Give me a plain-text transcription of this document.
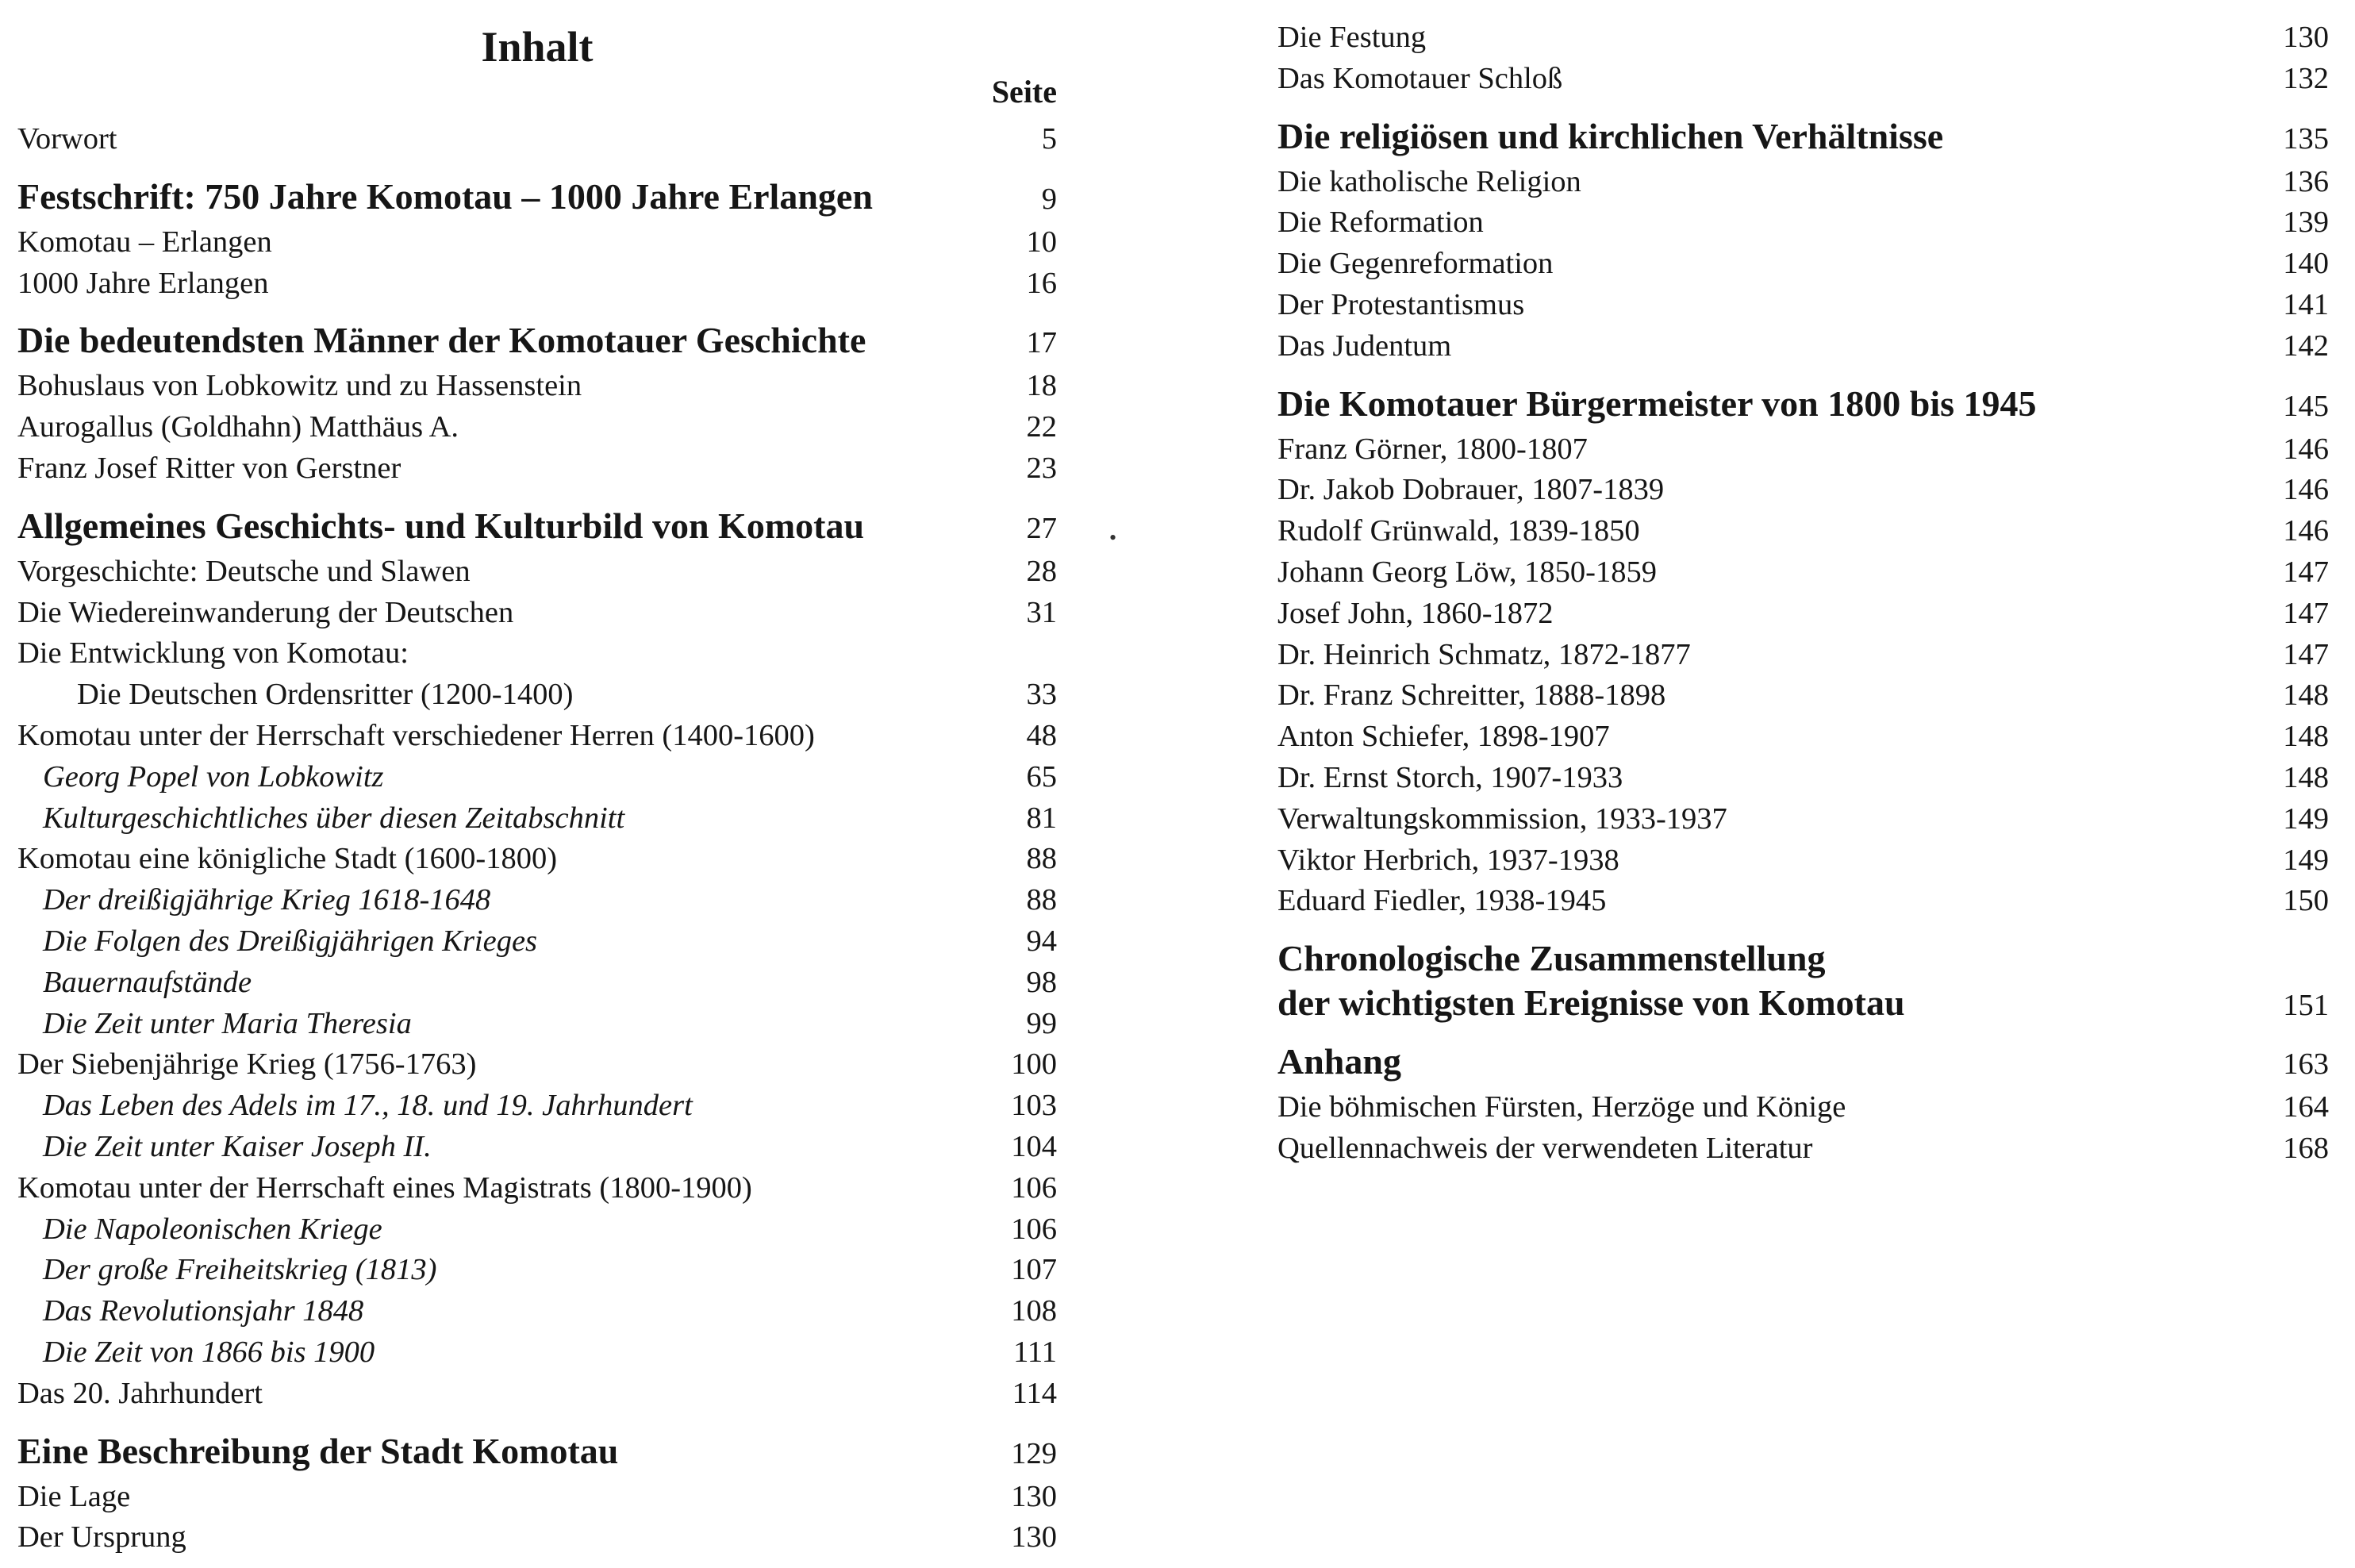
Inhalt
Seite
Vorwort	5
Festschrift: 750 Jahre Komotau – 1000 Jahre Erlangen	9
Komotau – Erlangen	10
1000 Jahre Erlangen	16
Die bedeutendsten Männer der Komotauer Geschichte	17
Bohuslaus von Lobkowitz und zu Hassenstein	18
Aurogallus (Goldhahn) Matthäus A.	22
Franz Josef Ritter von Gerstner	23
Allgemeines Geschichts- und Kulturbild von Komotau	27
Vorgeschichte: Deutsche und Slawen	28
Die Wiedereinwanderung der Deutschen	31
Die Entwicklung von Komotau:
Die Deutschen Ordensritter (1200-1400)	33
Komotau unter der Herrschaft verschiedener Herren (1400-1600)	48
Georg Popel von Lobkowitz	65
Kulturgeschichtliches über diesen Zeitabschnitt	81
Komotau eine königliche Stadt (1600-1800)	88
Der dreißigjährige Krieg 1618-1648	88
Die Folgen des Dreißigjährigen Krieges	94
Bauernaufstände	98
Die Zeit unter Maria Theresia	99
Der Siebenjährige Krieg (1756-1763)	100
Das Leben des Adels im 17., 18. und 19. Jahrhundert	103
Die Zeit unter Kaiser Joseph II.	104
Komotau unter der Herrschaft eines Magistrats (1800-1900)	106
Die Napoleonischen Kriege	106
Der große Freiheitskrieg (1813)	107
Das Revolutionsjahr 1848	108
Die Zeit von 1866 bis 1900	111
Das 20. Jahrhundert	114
Eine Beschreibung der Stadt Komotau	129
Die Lage	130
Der Ursprung	130
•
Die Festung	130
Das Komotauer Schloß	132
Die religiösen und kirchlichen Verhältnisse	135
Die katholische Religion	136
Die Reformation	139
Die Gegenreformation	140
Der Protestantismus	141
Das Judentum	142
Die Komotauer Bürgermeister von 1800 bis 1945	145
Franz Görner, 1800-1807	146
Dr. Jakob Dobrauer, 1807-1839	146
Rudolf Grünwald, 1839-1850	146
Johann Georg Löw, 1850-1859	147
Josef John, 1860-1872	147
Dr. Heinrich Schmatz, 1872-1877	147
Dr. Franz Schreitter, 1888-1898	148
Anton Schiefer, 1898-1907	148
Dr. Ernst Storch, 1907-1933	148
Verwaltungskommission, 1933-1937	149
Viktor Herbrich, 1937-1938	149
Eduard Fiedler, 1938-1945	150
Chronologische Zusammenstellung
der wichtigsten Ereignisse von Komotau	151
Anhang	163
Die böhmischen Fürsten, Herzöge und Könige	164
Quellennachweis der verwendeten Literatur	168
